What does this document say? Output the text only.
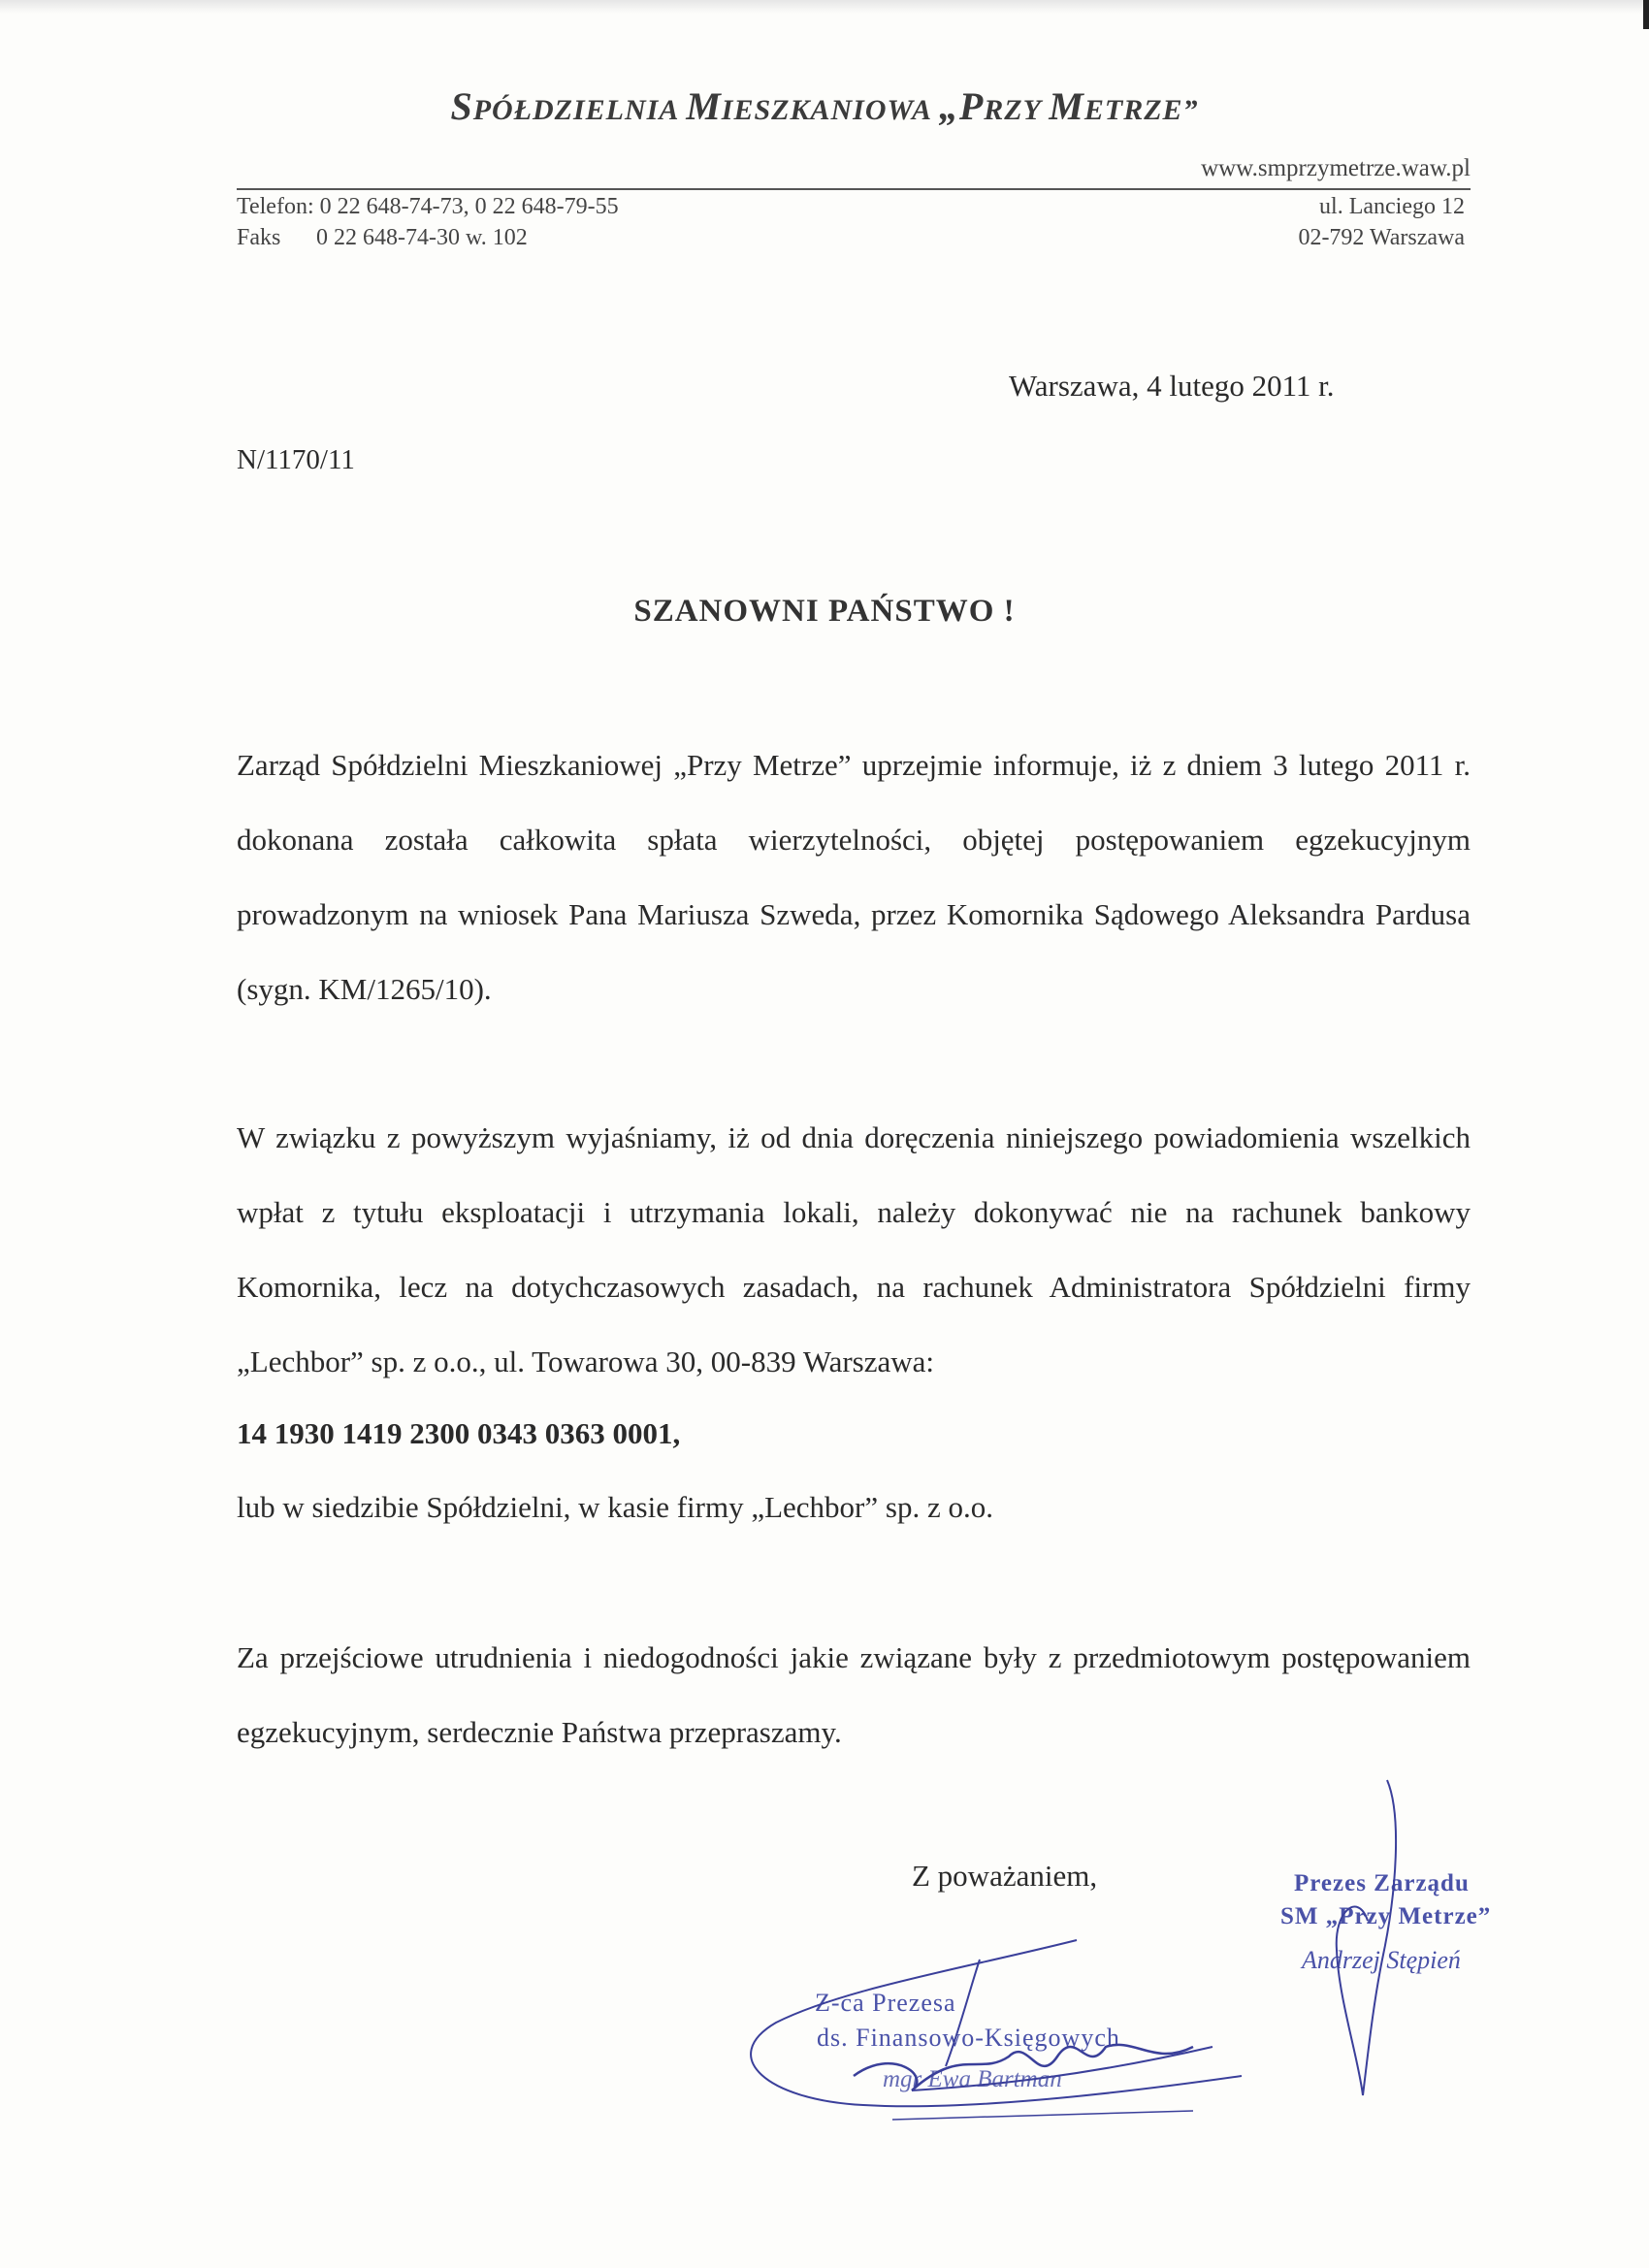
SPÓŁDZIELNIA MIESZKANIOWA „PRZY METRZE”
www.smprzymetrze.waw.pl
Telefon: 0 22 648-74-73, 0 22 648-79-55
Faks 0 22 648-74-30 w. 102
ul. Lanciego 12
02-792 Warszawa
Warszawa, 4 lutego 2011 r.
N/1170/11
SZANOWNI PAŃSTWO !
Zarząd Spółdzielni Mieszkaniowej „Przy Metrze” uprzejmie informuje, iż z dniem 3 lutego 2011 r. dokonana została całkowita spłata wierzytelności, objętej postępowaniem egzekucyjnym prowadzonym na wniosek Pana Mariusza Szweda, przez Komornika Sądowego Aleksandra Pardusa (sygn. KM/1265/10).
W związku z powyższym wyjaśniamy, iż od dnia doręczenia niniejszego powiadomienia wszelkich wpłat z tytułu eksploatacji i utrzymania lokali, należy dokonywać nie na rachunek bankowy Komornika, lecz na dotychczasowych zasadach, na rachunek Administratora Spółdzielni firmy „Lechbor” sp. z o.o., ul. Towarowa 30, 00-839 Warszawa:
14 1930 1419 2300 0343 0363 0001,
lub w siedzibie Spółdzielni, w kasie firmy „Lechbor” sp. z o.o.
Za przejściowe utrudnienia i niedogodności jakie związane były z przedmiotowym postępowaniem egzekucyjnym, serdecznie Państwa przepraszamy.
Z poważaniem,
Z-ca Prezesa
ds. Finansowo-Księgowych
mgr Ewa Bartman
Prezes Zarządu
SM „Przy Metrze”
Andrzej Stępień
